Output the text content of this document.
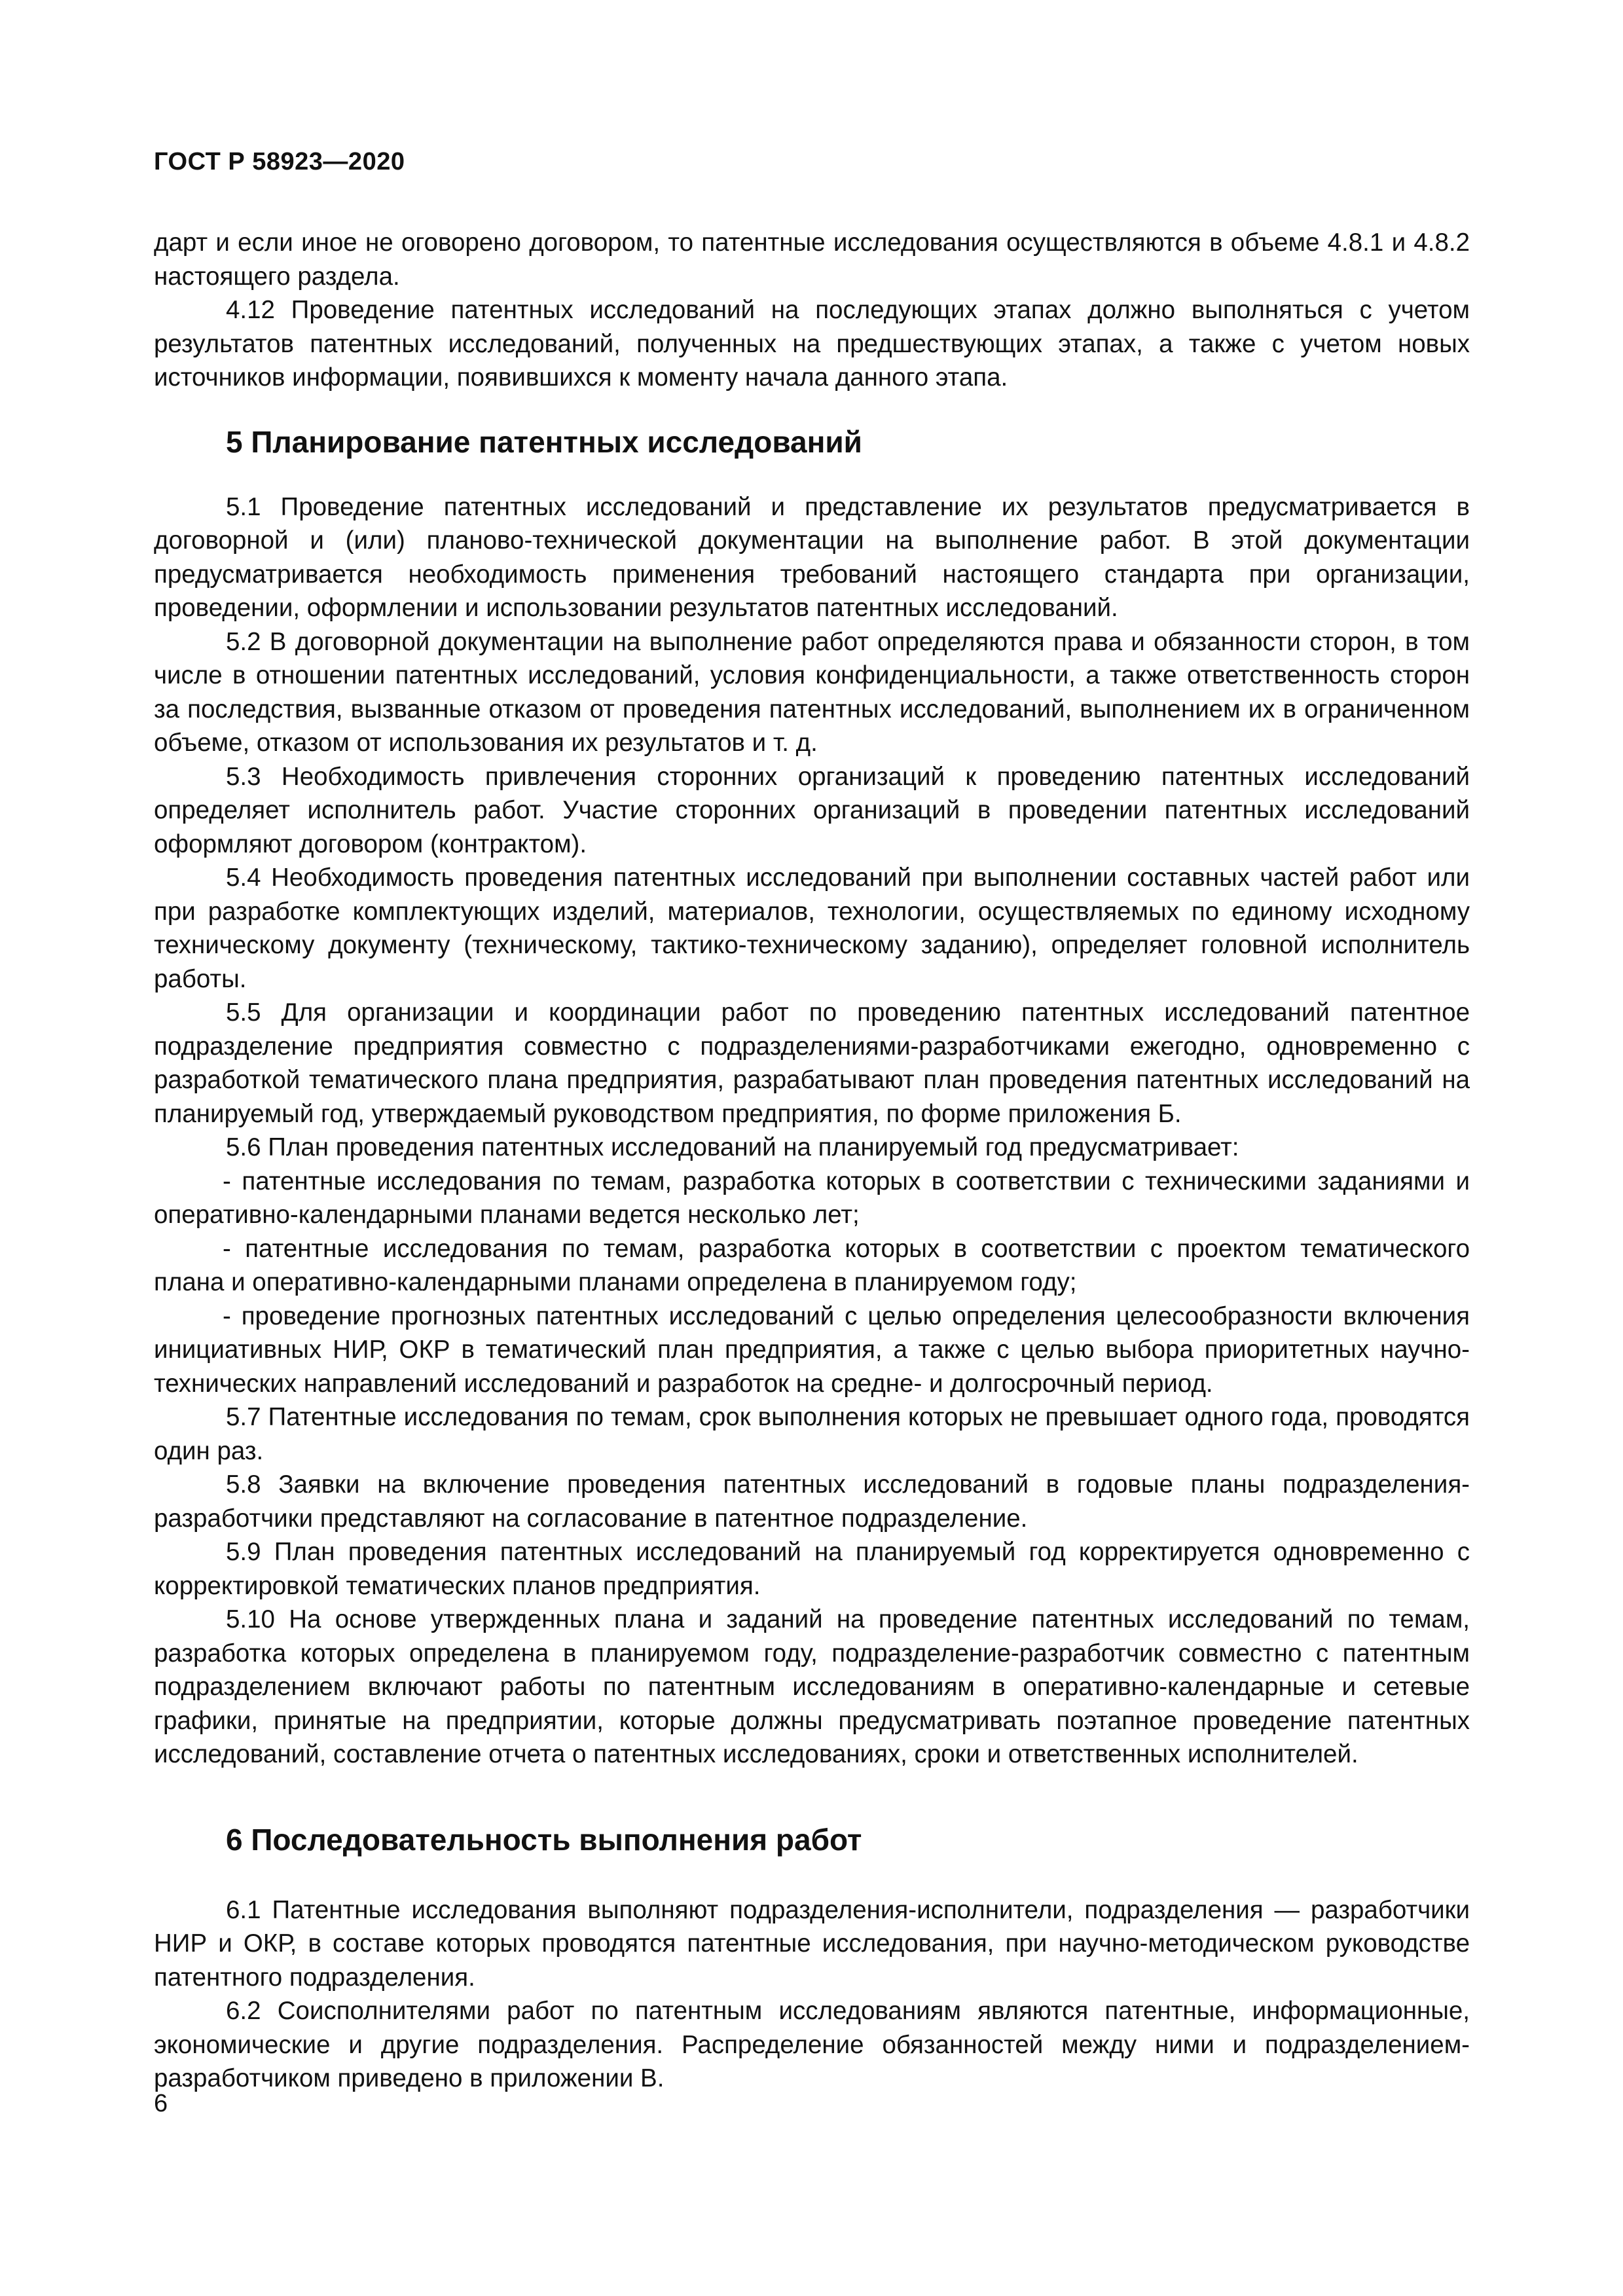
ГОСТ Р 58923—2020

дарт и если иное не оговорено договором, то патентные исследования осуществляются в объеме 4.8.1 и 4.8.2 настоящего раздела.

4.12 Проведение патентных исследований на последующих этапах должно выполняться с учетом результатов патентных исследований, полученных на предшествующих этапах, а также с учетом новых источников информации, появившихся к моменту начала данного этапа.

5 Планирование патентных исследований

5.1 Проведение патентных исследований и представление их результатов предусматривается в договорной и (или) планово-технической документации на выполнение работ. В этой документации предусматривается необходимость применения требований настоящего стандарта при организации, проведении, оформлении и использовании результатов патентных исследований.

5.2 В договорной документации на выполнение работ определяются права и обязанности сторон, в том числе в отношении патентных исследований, условия конфиденциальности, а также ответственность сторон за последствия, вызванные отказом от проведения патентных исследований, выполнением их в ограниченном объеме, отказом от использования их результатов и т. д.

5.3 Необходимость привлечения сторонних организаций к проведению патентных исследований определяет исполнитель работ. Участие сторонних организаций в проведении патентных исследований оформляют договором (контрактом).

5.4 Необходимость проведения патентных исследований при выполнении составных частей работ или при разработке комплектующих изделий, материалов, технологии, осуществляемых по единому исходному техническому документу (техническому, тактико-техническому заданию), определяет головной исполнитель работы.

5.5 Для организации и координации работ по проведению патентных исследований патентное подразделение предприятия совместно с подразделениями-разработчиками ежегодно, одновременно с разработкой тематического плана предприятия, разрабатывают план проведения патентных исследований на планируемый год, утверждаемый руководством предприятия, по форме приложения Б.

5.6 План проведения патентных исследований на планируемый год предусматривает:

- патентные исследования по темам, разработка которых в соответствии с техническими заданиями и оперативно-календарными планами ведется несколько лет;

- патентные исследования по темам, разработка которых в соответствии с проектом тематического плана и оперативно-календарными планами определена в планируемом году;

- проведение прогнозных патентных исследований с целью определения целесообразности включения инициативных НИР, ОКР в тематический план предприятия, а также с целью выбора приоритетных научно-технических направлений исследований и разработок на средне- и долгосрочный период.

5.7 Патентные исследования по темам, срок выполнения которых не превышает одного года, проводятся один раз.

5.8 Заявки на включение проведения патентных исследований в годовые планы подразделения-разработчики представляют на согласование в патентное подразделение.

5.9 План проведения патентных исследований на планируемый год корректируется одновременно с корректировкой тематических планов предприятия.

5.10 На основе утвержденных плана и заданий на проведение патентных исследований по темам, разработка которых определена в планируемом году, подразделение-разработчик совместно с патентным подразделением включают работы по патентным исследованиям в оперативно-календарные и сетевые графики, принятые на предприятии, которые должны предусматривать поэтапное проведение патентных исследований, составление отчета о патентных исследованиях, сроки и ответственных исполнителей.

6 Последовательность выполнения работ

6.1 Патентные исследования выполняют подразделения-исполнители, подразделения — разработчики НИР и ОКР, в составе которых проводятся патентные исследования, при научно-методическом руководстве патентного подразделения.

6.2 Соисполнителями работ по патентным исследованиям являются патентные, информационные, экономические и другие подразделения. Распределение обязанностей между ними и подразделением-разработчиком приведено в приложении В.

6
